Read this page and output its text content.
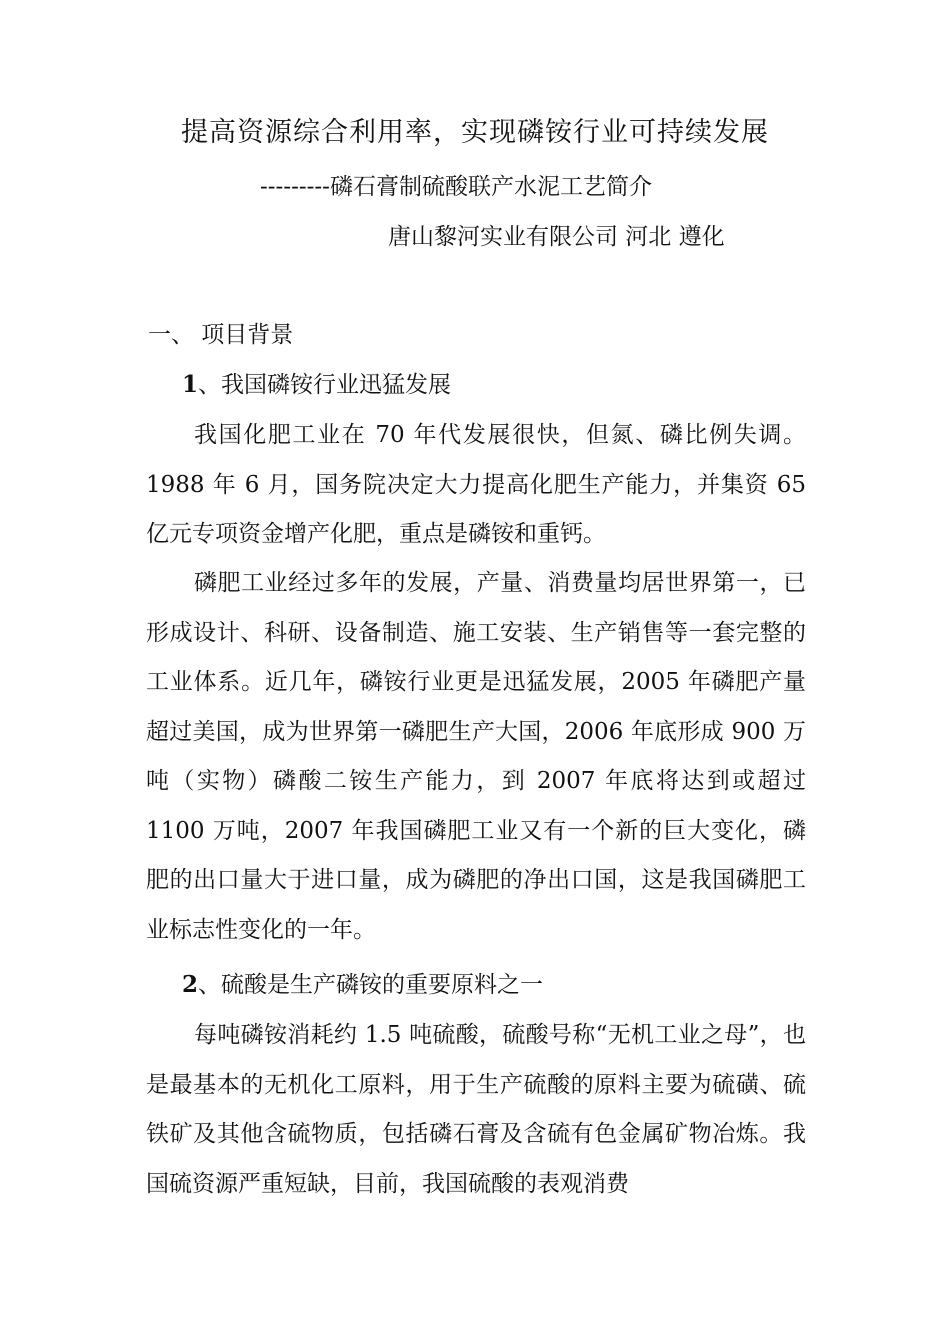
提高资源综合利用率，实现磷铵行业可持续发展
---------磷石膏制硫酸联产水泥工艺简介
唐山黎河实业有限公司 河北 遵化
一、 项目背景
1、我国磷铵行业迅猛发展
我国化肥工业在 70 年代发展很快，但氮、磷比例失调。1988 年 6 月，国务院决定大力提高化肥生产能力，并集资 65 亿元专项资金增产化肥，重点是磷铵和重钙。
磷肥工业经过多年的发展，产量、消费量均居世界第一，已形成设计、科研、设备制造、施工安装、生产销售等一套完整的工业体系。近几年，磷铵行业更是迅猛发展，2005 年磷肥产量超过美国，成为世界第一磷肥生产大国，2006 年底形成 900 万吨（实物）磷酸二铵生产能力，到 2007 年底将达到或超过 1100 万吨，2007 年我国磷肥工业又有一个新的巨大变化，磷肥的出口量大于进口量，成为磷肥的净出口国，这是我国磷肥工业标志性变化的一年。
2、硫酸是生产磷铵的重要原料之一
每吨磷铵消耗约 1.5 吨硫酸，硫酸号称“无机工业之母”，也是最基本的无机化工原料，用于生产硫酸的原料主要为硫磺、硫铁矿及其他含硫物质，包括磷石膏及含硫有色金属矿物冶炼。我国硫资源严重短缺，目前，我国硫酸的表观消费
